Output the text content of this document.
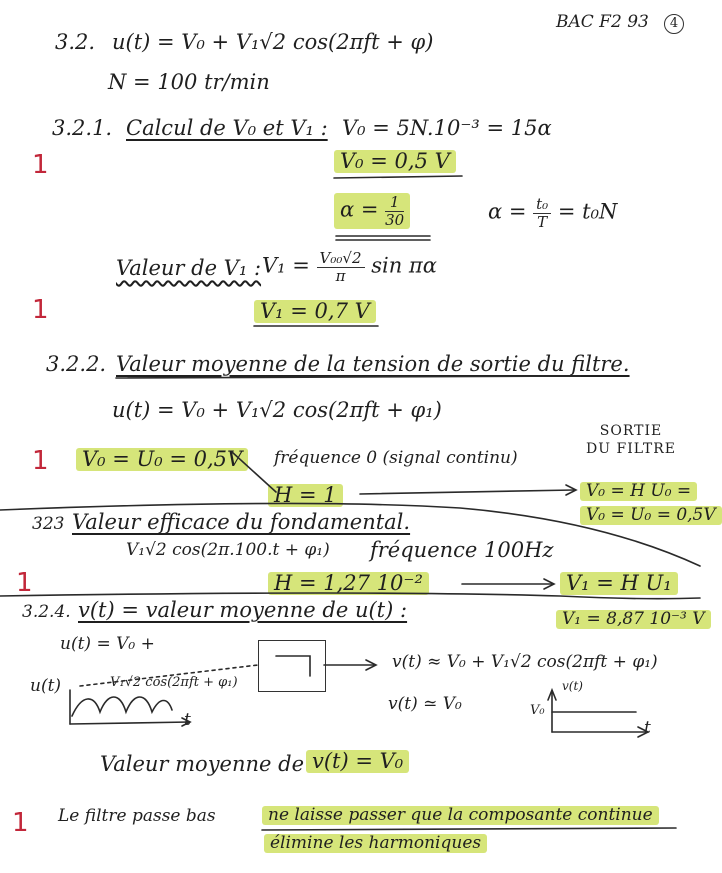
BAC F2 93	4
1
1
1
1
1
3.2. u(t) = V₀ + V₁√2 cos(2πft + φ)
N = 100 tr/min
3.2.1. Calcul de V₀ et V₁ : V₀ = 5N.10⁻³ = 15α
V₀ = 0,5 V
$\alpha = \frac{1}{30}$	$\alpha = \frac{\text{t₀}}{T} = t_0N$
Valeur de V₁ : $V_1 = \frac{\text{V₀₀√2}}{\pi}$ sin πα
V₁ = 0,7 V
3.2.2. Valeur moyenne de la tension de sortie du filtre.
u(t) = V₀ + V₁√2 cos(2πft + φ₁)
SORTIE DU FILTRE
V₀ = U₀ = 0,5V	fréquence 0 (signal continu)
H = 1	V₀ = H U₀ =
V₀ = U₀ = 0,5V
323 Valeur efficace du fondamental.
V₁√2 cos(2π.100.t + φ₁) fréquence 100Hz
H = 1,27 10⁻²	V₁ = H U₁
V₁ = 8,87 10⁻³ V
3.2.4. v(t) = valeur moyenne de u(t) :
u(t) = V₀ +
u(t)	V₁√2 cos(2πft + φ₁)
t
v(t) ≈ V₀ + V₁√2 cos(2πft + φ₁)
v(t) ≃ V₀
v(t)
V₀
t
Valeur moyenne de v(t) = V₀
Le filtre passe bas	ne laisse passer que la composante continue
élimine les harmoniques
